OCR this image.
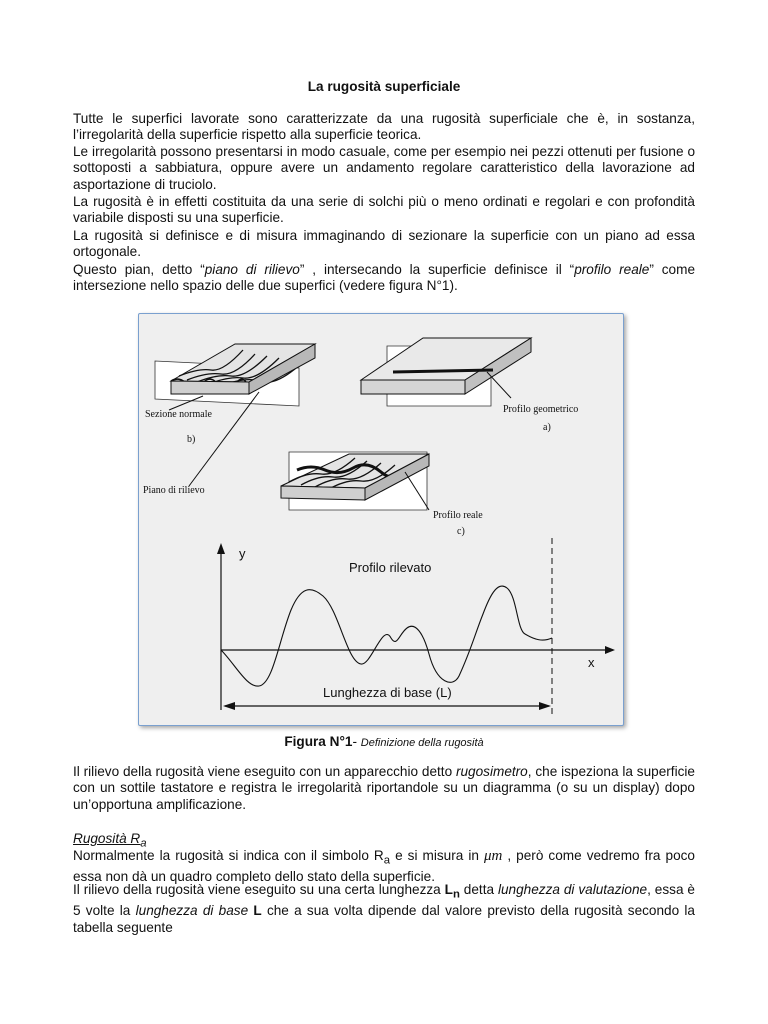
La rugosità superficiale
Tutte le superfici lavorate sono caratterizzate da una rugosità superficiale che è, in sostanza, l’irregolarità della superficie rispetto alla superficie teorica.
Le irregolarità possono presentarsi in modo casuale, come per esempio nei pezzi ottenuti per fusione o sottoposti a sabbiatura, oppure avere un andamento regolare caratteristico della lavorazione ad asportazione di truciolo.
La rugosità è in effetti costituita da una serie di solchi più o meno ordinati e regolari e con profondità variabile disposti su una superficie.
La rugosità si definisce e di misura immaginando di sezionare la superficie con un piano ad essa ortogonale.
Questo pian, detto “piano di rilievo” , intersecando la superficie definisce il “profilo reale” come intersezione nello spazio delle due superfici (vedere figura N°1).
Sezione normale
b)
Piano di rilievo
Profilo geometrico
a)
Profilo reale
c)
y
x
Profilo rilevato
Lunghezza di base (L)
Figura N°1- Definizione della rugosità
Il rilievo della rugosità viene eseguito con un apparecchio detto rugosimetro, che ispeziona la superficie con un sottile tastatore e registra le irregolarità riportandole su un diagramma (o su un display) dopo un’opportuna amplificazione.
Rugosità $R_a$
Normalmente la rugosità si indica con il simbolo $R_a$ e si misura in μm , però come vedremo fra poco essa non dà un quadro completo dello stato della superficie.
Il rilievo della rugosità viene eseguito su una certa lunghezza $L_n$ detta lunghezza di valutazione, essa è 5 volte la lunghezza di base L che a sua volta dipende dal valore previsto della rugosità secondo la tabella seguente
